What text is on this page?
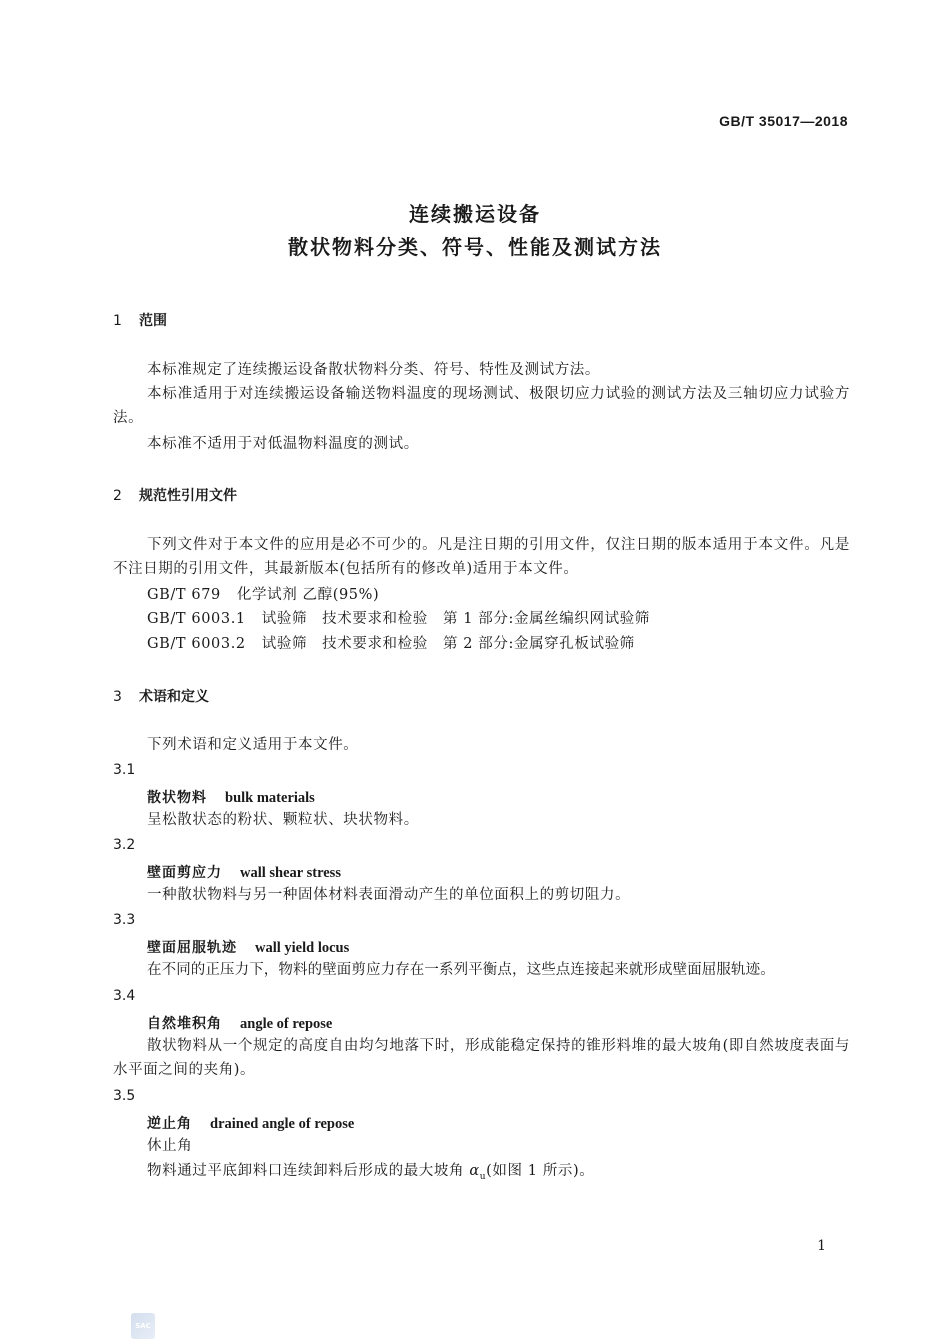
GB/T 35017—2018
连续搬运设备
散状物料分类、符号、性能及测试方法
1 范围
本标准规定了连续搬运设备散状物料分类、符号、特性及测试方法。
本标准适用于对连续搬运设备输送物料温度的现场测试、极限切应力试验的测试方法及三轴切应力试验方法。
本标准不适用于对低温物料温度的测试。
2 规范性引用文件
下列文件对于本文件的应用是必不可少的。凡是注日期的引用文件，仅注日期的版本适用于本文件。凡是不注日期的引用文件，其最新版本(包括所有的修改单)适用于本文件。
GB/T 679 化学试剂 乙醇(95%)
GB/T 6003.1 试验筛　技术要求和检验　第 1 部分:金属丝编织网试验筛
GB/T 6003.2 试验筛　技术要求和检验　第 2 部分:金属穿孔板试验筛
3 术语和定义
下列术语和定义适用于本文件。
3.1
散状物料 bulk materials
呈松散状态的粉状、颗粒状、块状物料。
3.2
壁面剪应力 wall shear stress
一种散状物料与另一种固体材料表面滑动产生的单位面积上的剪切阻力。
3.3
壁面屈服轨迹 wall yield locus
在不同的正压力下，物料的壁面剪应力存在一系列平衡点，这些点连接起来就形成壁面屈服轨迹。
3.4
自然堆积角 angle of repose
散状物料从一个规定的高度自由均匀地落下时，形成能稳定保持的锥形料堆的最大坡角(即自然坡度表面与水平面之间的夹角)。
3.5
逆止角 drained angle of repose
休止角
物料通过平底卸料口连续卸料后形成的最大坡角 $\alpha_u$(如图 1 所示)。
1
SAC
